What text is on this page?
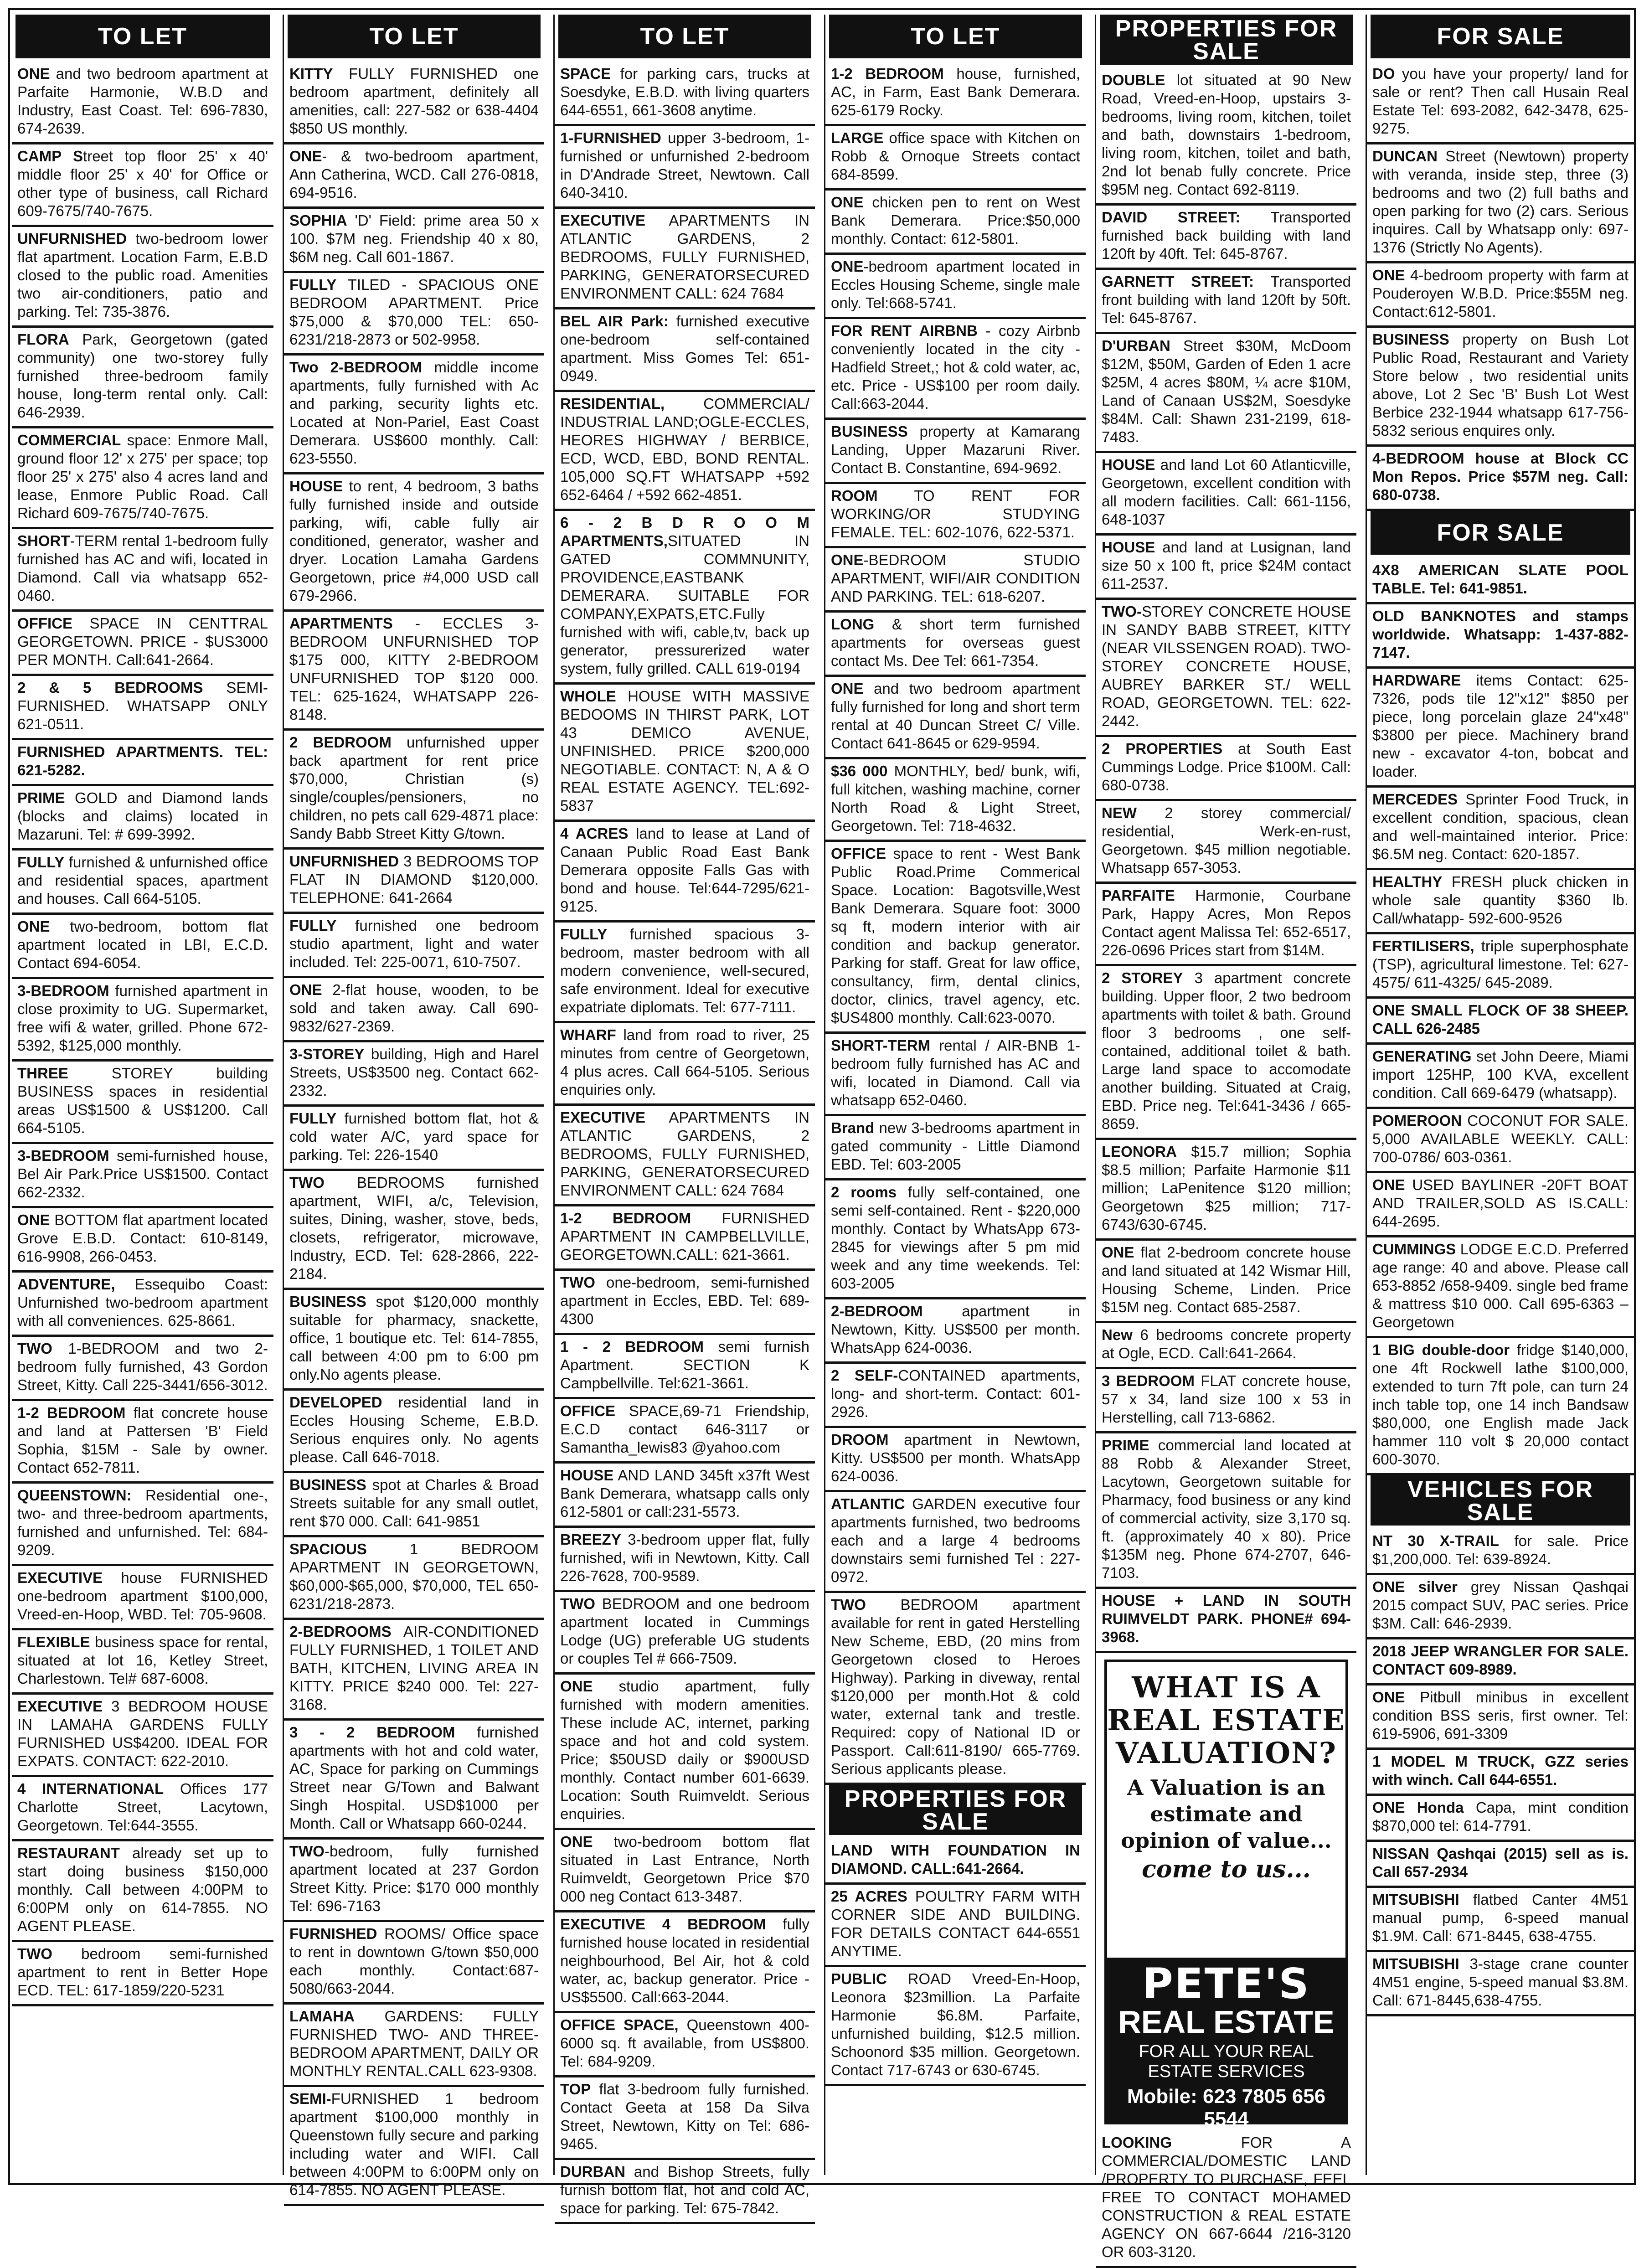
TO LET
ONE and two bedroom apartment at Parfaite Harmonie, W.B.D and Industry, East Coast. Tel: 696-7830, 674-2639.
CAMP Street top floor 25' x 40' middle floor 25' x 40' for Office or other type of business, call Richard 609-7675/740-7675.
UNFURNISHED two-bedroom lower flat apartment. Location Farm, E.B.D closed to the public road. Amenities two air-conditioners, patio and parking. Tel: 735-3876.
FLORA Park, Georgetown (gated community) one two-storey fully furnished three-bedroom family house, long-term rental only. Call: 646-2939.
COMMERCIAL space: Enmore Mall, ground floor 12' x 275' per space; top floor 25' x 275' also 4 acres land and lease, Enmore Public Road. Call Richard 609-7675/740-7675.
SHORT-TERM rental 1-bedroom fully furnished has AC and wifi, located in Diamond. Call via whatsapp 652-0460.
OFFICE SPACE IN CENTTRAL GEORGETOWN. PRICE - $US3000 PER MONTH. Call:641-2664.
2 & 5 BEDROOMS SEMI-FURNISHED. WHATSAPP ONLY 621-0511.
FURNISHED APARTMENTS. TEL: 621-5282.
PRIME GOLD and Diamond lands (blocks and claims) located in Mazaruni. Tel: # 699-3992.
FULLY furnished & unfurnished office and residential spaces, apartment and houses. Call 664-5105.
ONE two-bedroom, bottom flat apartment located in LBI, E.C.D. Contact 694-6054.
3-BEDROOM furnished apartment in close proximity to UG. Supermarket, free wifi & water, grilled. Phone 672-5392, $125,000 monthly.
THREE STOREY building BUSINESS spaces in residential areas US$1500 & US$1200. Call 664-5105.
3-BEDROOM semi-furnished house, Bel Air Park.Price US$1500. Contact 662-2332.
ONE BOTTOM flat apartment located Grove E.B.D. Contact: 610-8149, 616-9908, 266-0453.
ADVENTURE, Essequibo Coast: Unfurnished two-bedroom apartment with all conveniences. 625-8661.
TWO 1-BEDROOM and two 2-bedroom fully furnished, 43 Gordon Street, Kitty. Call 225-3441/656-3012.
1-2 BEDROOM flat concrete house and land at Pattersen 'B' Field Sophia, $15M - Sale by owner. Contact 652-7811.
QUEENSTOWN: Residential one-, two- and three-bedroom apartments, furnished and unfurnished. Tel: 684-9209.
EXECUTIVE house FURNISHED one-bedroom apartment $100,000, Vreed-en-Hoop, WBD. Tel: 705-9608.
FLEXIBLE business space for rental, situated at lot 16, Ketley Street, Charlestown. Tel# 687-6008.
EXECUTIVE 3 BEDROOM HOUSE IN LAMAHA GARDENS FULLY FURNISHED US$4200. IDEAL FOR EXPATS. CONTACT: 622-2010.
4 INTERNATIONAL Offices 177 Charlotte Street, Lacytown, Georgetown. Tel:644-3555.
RESTAURANT already set up to start doing business $150,000 monthly. Call between 4:00PM to 6:00PM only on 614-7855. NO AGENT PLEASE.
TWO bedroom semi-furnished apartment to rent in Better Hope ECD. TEL: 617-1859/220-5231
TO LET
KITTY FULLY FURNISHED one bedroom apartment, definitely all amenities, call: 227-582 or 638-4404 $850 US monthly.
ONE- & two-bedroom apartment, Ann Catherina, WCD. Call 276-0818, 694-9516.
SOPHIA 'D' Field: prime area 50 x 100. $7M neg. Friendship 40 x 80, $6M neg. Call 601-1867.
FULLY TILED - SPACIOUS ONE BEDROOM APARTMENT. Price $75,000 & $70,000 TEL: 650-6231/218-2873 or 502-9958.
Two 2-BEDROOM middle income apartments, fully furnished with Ac and parking, security lights etc. Located at Non-Pariel, East Coast Demerara. US$600 monthly. Call: 623-5550.
HOUSE to rent, 4 bedroom, 3 baths fully furnished inside and outside parking, wifi, cable fully air conditioned, generator, washer and dryer. Location Lamaha Gardens Georgetown, price #4,000 USD call 679-2966.
APARTMENTS - ECCLES 3-BEDROOM UNFURNISHED TOP $175 000, KITTY 2-BEDROOM UNFURNISHED TOP $120 000. TEL: 625-1624, WHATSAPP 226-8148.
2 BEDROOM unfurnished upper back apartment for rent price $70,000, Christian (s) single/couples/pensioners, no children, no pets call 629-4871 place: Sandy Babb Street Kitty G/town.
UNFURNISHED 3 BEDROOMS TOP FLAT IN DIAMOND $120,000. TELEPHONE: 641-2664
FULLY furnished one bedroom studio apartment, light and water included. Tel: 225-0071, 610-7507.
ONE 2-flat house, wooden, to be sold and taken away. Call 690-9832/627-2369.
3-STOREY building, High and Harel Streets, US$3500 neg. Contact 662-2332.
FULLY furnished bottom flat, hot & cold water A/C, yard space for parking. Tel: 226-1540
TWO BEDROOMS furnished apartment, WIFI, a/c, Television, suites, Dining, washer, stove, beds, closets, refrigerator, microwave, Industry, ECD. Tel: 628-2866, 222-2184.
BUSINESS spot $120,000 monthly suitable for pharmacy, snackette, office, 1 boutique etc. Tel: 614-7855, call between 4:00 pm to 6:00 pm only.No agents please.
DEVELOPED residential land in Eccles Housing Scheme, E.B.D. Serious enquires only. No agents please. Call 646-7018.
BUSINESS spot at Charles & Broad Streets suitable for any small outlet, rent $70 000. Call: 641-9851
SPACIOUS 1 BEDROOM APARTMENT IN GEORGETOWN, $60,000-$65,000, $70,000, TEL 650-6231/218-2873.
2-BEDROOMS AIR-CONDITIONED FULLY FURNISHED, 1 TOILET AND BATH, KITCHEN, LIVING AREA IN KITTY. PRICE $240 000. Tel: 227-3168.
3 - 2 BEDROOM furnished apartments with hot and cold water, AC, Space for parking on Cummings Street near G/Town and Balwant Singh Hospital. USD$1000 per Month. Call or Whatsapp 660-0244.
TWO-bedroom, fully furnished apartment located at 237 Gordon Street Kitty. Price: $170 000 monthly Tel: 696-7163
FURNISHED ROOMS/ Office space to rent in downtown G/town $50,000 each monthly. Contact:687-5080/663-2044.
LAMAHA GARDENS: FULLY FURNISHED TWO- AND THREE-BEDROOM APARTMENT, DAILY OR MONTHLY RENTAL.CALL 623-9308.
SEMI-FURNISHED 1 bedroom apartment $100,000 monthly in Queenstown fully secure and parking including water and WIFI. Call between 4:00PM to 6:00PM only on 614-7855. NO AGENT PLEASE.
TO LET
SPACE for parking cars, trucks at Soesdyke, E.B.D. with living quarters 644-6551, 661-3608 anytime.
1-FURNISHED upper 3-bedroom, 1-furnished or unfurnished 2-bedroom in D'Andrade Street, Newtown. Call 640-3410.
EXECUTIVE APARTMENTS IN ATLANTIC GARDENS, 2 BEDROOMS, FULLY FURNISHED, PARKING, GENERATORSECURED ENVIRONMENT CALL: 624 7684
BEL AIR Park: furnished executive one-bedroom self-contained apartment. Miss Gomes Tel: 651-0949.
RESIDENTIAL, COMMERCIAL/ INDUSTRIAL LAND;OGLE-ECCLES, HEORES HIGHWAY / BERBICE, ECD, WCD, EBD, BOND RENTAL. 105,000 SQ.FT WHATSAPP +592 652-6464 / +592 662-4851.
6 - 2 B D R O O M APARTMENTS,SITUATED IN GATED COMMNUNITY, PROVIDENCE,EASTBANK DEMERARA. SUITABLE FOR COMPANY,EXPATS,ETC.Fully furnished with wifi, cable,tv, back up generator, pressurerized water system, fully grilled. CALL 619-0194
WHOLE HOUSE WITH MASSIVE BEDOOMS IN THIRST PARK, LOT 43 DEMICO AVENUE, UNFINISHED. PRICE $200,000 NEGOTIABLE. CONTACT: N, A & O REAL ESTATE AGENCY. TEL:692-5837
4 ACRES land to lease at Land of Canaan Public Road East Bank Demerara opposite Falls Gas with bond and house. Tel:644-7295/621-9125.
FULLY furnished spacious 3-bedroom, master bedroom with all modern convenience, well-secured, safe environment. Ideal for executive expatriate diplomats. Tel: 677-7111.
WHARF land from road to river, 25 minutes from centre of Georgetown, 4 plus acres. Call 664-5105. Serious enquiries only.
EXECUTIVE APARTMENTS IN ATLANTIC GARDENS, 2 BEDROOMS, FULLY FURNISHED, PARKING, GENERATORSECURED ENVIRONMENT CALL: 624 7684
1-2 BEDROOM FURNISHED APARTMENT IN CAMPBELLVILLE, GEORGETOWN.CALL: 621-3661.
TWO one-bedroom, semi-furnished apartment in Eccles, EBD. Tel: 689-4300
1 - 2 BEDROOM semi furnish Apartment. SECTION K Campbellville. Tel:621-3661.
OFFICE SPACE,69-71 Friendship, E.C.D contact 646-3117 or Samantha_lewis83 @yahoo.com
HOUSE AND LAND 345ft x37ft West Bank Demerara, whatsapp calls only 612-5801 or call:231-5573.
BREEZY 3-bedroom upper flat, fully furnished, wifi in Newtown, Kitty. Call 226-7628, 700-9589.
TWO BEDROOM and one bedroom apartment located in Cummings Lodge (UG) preferable UG students or couples Tel # 666-7509.
ONE studio apartment, fully furnished with modern amenities. These include AC, internet, parking space and hot and cold system. Price; $50USD daily or $900USD monthly. Contact number 601-6639. Location: South Ruimveldt. Serious enquiries.
ONE two-bedroom bottom flat situated in Last Entrance, North Ruimveldt, Georgetown Price $70 000 neg Contact 613-3487.
EXECUTIVE 4 BEDROOM fully furnished house located in residential neighbourhood, Bel Air, hot & cold water, ac, backup generator. Price - US$5500. Call:663-2044.
OFFICE SPACE, Queenstown 400-6000 sq. ft available, from US$800. Tel: 684-9209.
TOP flat 3-bedroom fully furnished. Contact Geeta at 158 Da Silva Street, Newtown, Kitty on Tel: 686-9465.
DURBAN and Bishop Streets, fully furnish bottom flat, hot and cold AC, space for parking. Tel: 675-7842.
TO LET
1-2 BEDROOM house, furnished, AC, in Farm, East Bank Demerara. 625-6179 Rocky.
LARGE office space with Kitchen on Robb & Ornoque Streets contact 684-8599.
ONE chicken pen to rent on West Bank Demerara. Price:$50,000 monthly. Contact: 612-5801.
ONE-bedroom apartment located in Eccles Housing Scheme, single male only. Tel:668-5741.
FOR RENT AIRBNB - cozy Airbnb conveniently located in the city - Hadfield Street,; hot & cold water, ac, etc. Price - US$100 per room daily. Call:663-2044.
BUSINESS property at Kamarang Landing, Upper Mazaruni River. Contact B. Constantine, 694-9692.
ROOM TO RENT FOR WORKING/OR STUDYING FEMALE. TEL: 602-1076, 622-5371.
ONE-BEDROOM STUDIO APARTMENT, WIFI/AIR CONDITION AND PARKING. TEL: 618-6207.
LONG & short term furnished apartments for overseas guest contact Ms. Dee Tel: 661-7354.
ONE and two bedroom apartment fully furnished for long and short term rental at 40 Duncan Street C/ Ville. Contact 641-8645 or 629-9594.
$36 000 MONTHLY, bed/ bunk, wifi, full kitchen, washing machine, corner North Road & Light Street, Georgetown. Tel: 718-4632.
OFFICE space to rent - West Bank Public Road.Prime Commerical Space. Location: Bagotsville,West Bank Demerara. Square foot: 3000 sq ft, modern interior with air condition and backup generator. Parking for staff. Great for law office, consultancy, firm, dental clinics, doctor, clinics, travel agency, etc. $US4800 monthly. Call:623-0070.
SHORT-TERM rental / AIR-BNB 1-bedroom fully furnished has AC and wifi, located in Diamond. Call via whatsapp 652-0460.
Brand new 3-bedrooms apartment in gated community - Little Diamond EBD. Tel: 603-2005
2 rooms fully self-contained, one semi self-contained. Rent - $220,000 monthly. Contact by WhatsApp 673-2845 for viewings after 5 pm mid week and any time weekends. Tel: 603-2005
2-BEDROOM apartment in Newtown, Kitty. US$500 per month. WhatsApp 624-0036.
2 SELF-CONTAINED apartments, long- and short-term. Contact: 601-2926.
DROOM apartment in Newtown, Kitty. US$500 per month. WhatsApp 624-0036.
ATLANTIC GARDEN executive four apartments furnished, two bedrooms each and a large 4 bedrooms downstairs semi furnished Tel : 227-0972.
TWO BEDROOM apartment available for rent in gated Herstelling New Scheme, EBD, (20 mins from Georgetown closed to Heroes Highway). Parking in diveway, rental $120,000 per month.Hot & cold water, external tank and trestle. Required: copy of National ID or Passport. Call:611-8190/ 665-7769. Serious applicants please.
PROPERTIES FOR SALE
LAND WITH FOUNDATION IN DIAMOND. CALL:641-2664.
25 ACRES POULTRY FARM WITH CORNER SIDE AND BUILDING. FOR DETAILS CONTACT 644-6551 ANYTIME.
PUBLIC ROAD Vreed-En-Hoop, Leonora $23million. La Parfaite Harmonie $6.8M. Parfaite, unfurnished building, $12.5 million. Schoonord $35 million. Georgetown. Contact 717-6743 or 630-6745.
PROPERTIES FOR SALE
DOUBLE lot situated at 90 New Road, Vreed-en-Hoop, upstairs 3-bedrooms, living room, kitchen, toilet and bath, downstairs 1-bedroom, living room, kitchen, toilet and bath, 2nd lot benab fully concrete. Price $95M neg. Contact 692-8119.
DAVID STREET: Transported furnished back building with land 120ft by 40ft. Tel: 645-8767.
GARNETT STREET: Transported front building with land 120ft by 50ft. Tel: 645-8767.
D'URBAN Street $30M, McDoom $12M, $50M, Garden of Eden 1 acre $25M, 4 acres $80M, ¼ acre $10M, Land of Canaan US$2M, Soesdyke $84M. Call: Shawn 231-2199, 618-7483.
HOUSE and land Lot 60 Atlanticville, Georgetown, excellent condition with all modern facilities. Call: 661-1156, 648-1037
HOUSE and land at Lusignan, land size 50 x 100 ft, price $24M contact 611-2537.
TWO-STOREY CONCRETE HOUSE IN SANDY BABB STREET, KITTY (NEAR VILSSENGEN ROAD). TWO-STOREY CONCRETE HOUSE, AUBREY BARKER ST./ WELL ROAD, GEORGETOWN. TEL: 622-2442.
2 PROPERTIES at South East Cummings Lodge. Price $100M. Call: 680-0738.
NEW 2 storey commercial/ residential, Werk-en-rust, Georgetown. $45 million negotiable. Whatsapp 657-3053.
PARFAITE Harmonie, Courbane Park, Happy Acres, Mon Repos Contact agent Malissa Tel: 652-6517, 226-0696 Prices start from $14M.
2 STOREY 3 apartment concrete building. Upper floor, 2 two bedroom apartments with toilet & bath. Ground floor 3 bedrooms , one self-contained, additional toilet & bath. Large land space to accomodate another building. Situated at Craig, EBD. Price neg. Tel:641-3436 / 665-8659.
LEONORA $15.7 million; Sophia $8.5 million; Parfaite Harmonie $11 million; LaPenitence $120 million; Georgetown $25 million; 717-6743/630-6745.
ONE flat 2-bedroom concrete house and land situated at 142 Wismar Hill, Housing Scheme, Linden. Price $15M neg. Contact 685-2587.
New 6 bedrooms concrete property at Ogle, ECD. Call:641-2664.
3 BEDROOM FLAT concrete house, 57 x 34, land size 100 x 53 in Herstelling, call 713-6862.
PRIME commercial land located at 88 Robb & Alexander Street, Lacytown, Georgetown suitable for Pharmacy, food business or any kind of commercial activity, size 3,170 sq. ft. (approximately 40 x 80). Price $135M neg. Phone 674-2707, 646-7103.
HOUSE + LAND IN SOUTH RUIMVELDT PARK. PHONE# 694-3968.
WHAT IS A REAL ESTATE VALUATION?
A Valuation is an estimate and opinion of value...
come to us...
PETE'S
REAL ESTATE
FOR ALL YOUR REAL ESTATE SERVICES
Mobile: 623 7805 656 5544
LOOKING FOR A COMMERCIAL/DOMESTIC LAND /PROPERTY TO PURCHASE, FEEL FREE TO CONTACT MOHAMED CONSTRUCTION & REAL ESTATE AGENCY ON 667-6644 /216-3120 OR 603-3120.
FOR SALE
DO you have your property/ land for sale or rent? Then call Husain Real Estate Tel: 693-2082, 642-3478, 625-9275.
DUNCAN Street (Newtown) property with veranda, inside step, three (3) bedrooms and two (2) full baths and open parking for two (2) cars. Serious inquires. Call by Whatsapp only: 697-1376 (Strictly No Agents).
ONE 4-bedroom property with farm at Pouderoyen W.B.D. Price:$55M neg. Contact:612-5801.
BUSINESS property on Bush Lot Public Road, Restaurant and Variety Store below , two residential units above, Lot 2 Sec 'B' Bush Lot West Berbice 232-1944 whatsapp 617-756-5832 serious enquires only.
4-BEDROOM house at Block CC Mon Repos. Price $57M neg. Call: 680-0738.
FOR SALE
4X8 AMERICAN SLATE POOL TABLE. Tel: 641-9851.
OLD BANKNOTES and stamps worldwide. Whatsapp: 1-437-882-7147.
HARDWARE items Contact: 625-7326, pods tile 12"x12" $850 per piece, long porcelain glaze 24"x48" $3800 per piece. Machinery brand new - excavator 4-ton, bobcat and loader.
MERCEDES Sprinter Food Truck, in excellent condition, spacious, clean and well-maintained interior. Price: $6.5M neg. Contact: 620-1857.
HEALTHY FRESH pluck chicken in whole sale quantity $360 lb. Call/whatapp- 592-600-9526
FERTILISERS, triple superphosphate (TSP), agricultural limestone. Tel: 627-4575/ 611-4325/ 645-2089.
ONE SMALL FLOCK OF 38 SHEEP. CALL 626-2485
GENERATING set John Deere, Miami import 125HP, 100 KVA, excellent condition. Call 669-6479 (whatsapp).
POMEROON COCONUT FOR SALE. 5,000 AVAILABLE WEEKLY. CALL: 700-0786/ 603-0361.
ONE USED BAYLINER -20FT BOAT AND TRAILER,SOLD AS IS.CALL: 644-2695.
CUMMINGS LODGE E.C.D. Preferred age range: 40 and above. Please call 653-8852 /658-9409. single bed frame & mattress $10 000. Call 695-6363 – Georgetown
1 BIG double-door fridge $140,000, one 4ft Rockwell lathe $100,000, extended to turn 7ft pole, can turn 24 inch table top, one 14 inch Bandsaw $80,000, one English made Jack hammer 110 volt $ 20,000 contact 600-3070.
VEHICLES FOR SALE
NT 30 X-TRAIL for sale. Price $1,200,000. Tel: 639-8924.
ONE silver grey Nissan Qashqai 2015 compact SUV, PAC series. Price $3M. Call: 646-2939.
2018 JEEP WRANGLER FOR SALE. CONTACT 609-8989.
ONE Pitbull minibus in excellent condition BSS seris, first owner. Tel: 619-5906, 691-3309
1 MODEL M TRUCK, GZZ series with winch. Call 644-6551.
ONE Honda Capa, mint condition $870,000 tel: 614-7791.
NISSAN Qashqai (2015) sell as is. Call 657-2934
MITSUBISHI flatbed Canter 4M51 manual pump, 6-speed manual $1.9M. Call: 671-8445, 638-4755.
MITSUBISHI 3-stage crane counter 4M51 engine, 5-speed manual $3.8M. Call: 671-8445,638-4755.
